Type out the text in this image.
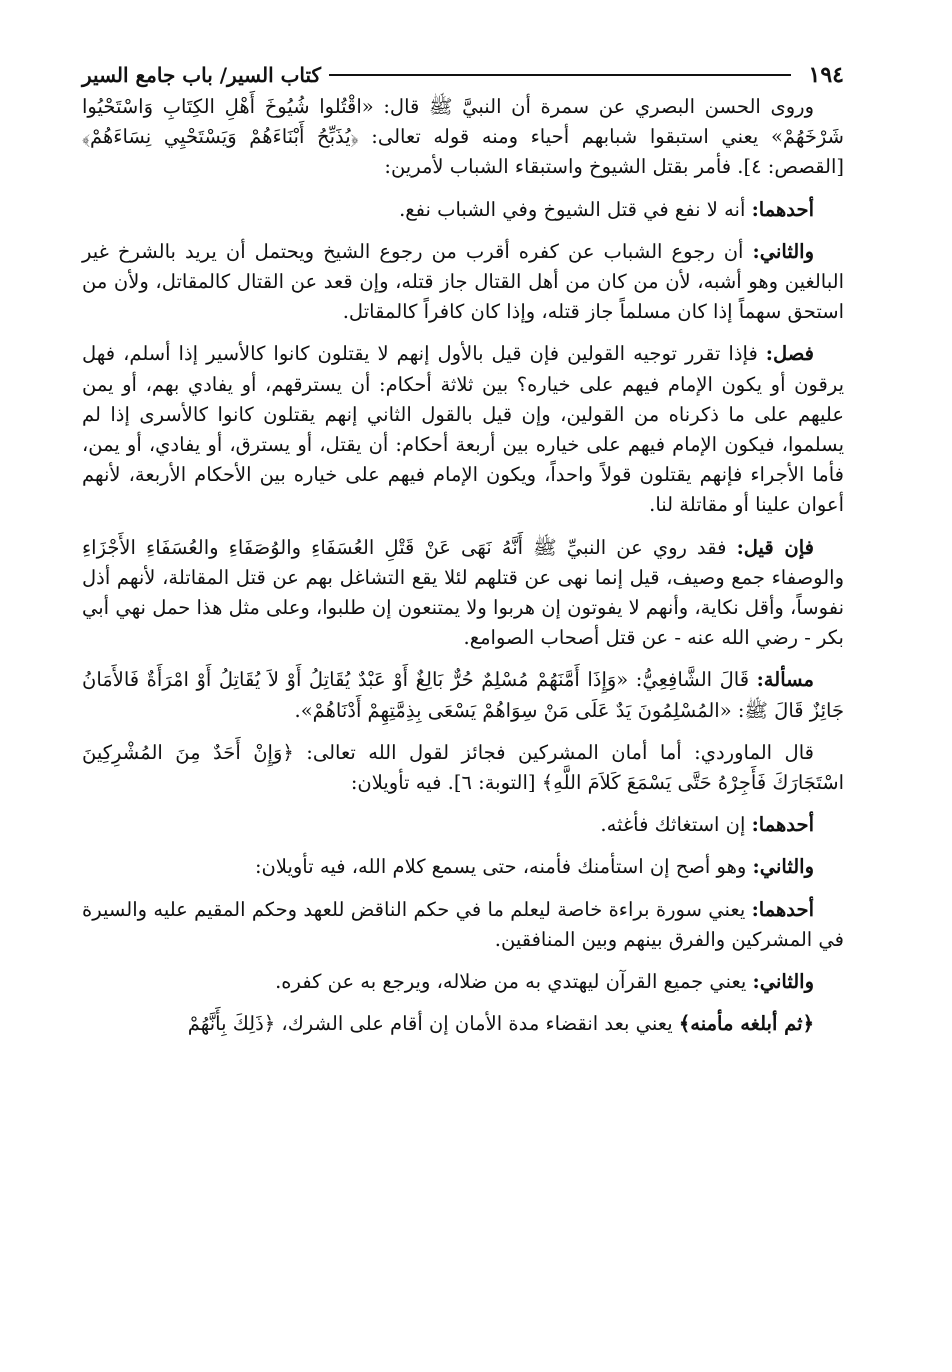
١٩٤
كتاب السير/ باب جامع السير

وروى الحسن البصري عن سمرة أن النبيَّ ﷺ قال: «اقْتُلوا شُيُوخَ أَهْلِ الكِتَابِ وَاسْتَحْيُوا شَرْخَهُمْ» يعني استبقوا شبابهم أحياء ومنه قوله تعالى: ﴿يُذَبِّحُ أَبْنَاءَهُمْ وَيَسْتَحْيِي نِسَاءَهُمْ﴾ [القصص: ٤]. فأمر بقتل الشيوخ واستبقاء الشباب لأمرين:

أحدهما: أنه لا نفع في قتل الشيوخ وفي الشباب نفع.

والثاني: أن رجوع الشباب عن كفره أقرب من رجوع الشيخ ويحتمل أن يريد بالشرخ غير البالغين وهو أشبه، لأن من كان من أهل القتال جاز قتله، وإن قعد عن القتال كالمقاتل، ولأن من استحق سهماً إذا كان مسلماً جاز قتله، وإذا كان كافراً كالمقاتل.

فصل: فإذا تقرر توجيه القولين فإن قيل بالأول إنهم لا يقتلون كانوا كالأسير إذا أسلم، فهل يرقون أو يكون الإمام فيهم على خياره؟ بين ثلاثة أحكام: أن يسترقهم، أو يفادي بهم، أو يمن عليهم على ما ذكرناه من القولين، وإن قيل بالقول الثاني إنهم يقتلون كانوا كالأسرى إذا لم يسلموا، فيكون الإمام فيهم على خياره بين أربعة أحكام: أن يقتل، أو يسترق، أو يفادي، أو يمن، فأما الأجراء فإنهم يقتلون قولاً واحداً، ويكون الإمام فيهم على خياره بين الأحكام الأربعة، لأنهم أعوان علينا أو مقاتلة لنا.

فإن قيل: فقد روي عن النبيِّ ﷺ أَنَّهُ نَهَى عَنْ قَتْلِ العُسَفَاءِ والوُصَفَاءِ والعُسَفَاءِ الأَجْزَاءِ والوصفاء جمع وصيف، قيل إنما نهى عن قتلهم لئلا يقع التشاغل بهم عن قتل المقاتلة، لأنهم أذل نفوساً، وأقل نكاية، وأنهم لا يفوتون إن هربوا ولا يمتنعون إن طلبوا، وعلى مثل هذا حمل نهي أبي بكر - رضي الله عنه - عن قتل أصحاب الصوامع.

مسألة: قَالَ الشَّافِعِيُّ: «وَإِذَا أَمَّنَهُمْ مُسْلِمٌ حُرٌّ بَالِغٌ أَوْ عَبْدٌ يُقَاتِلُ أَوْ لاَ يُقَاتِلُ أَوْ امْرَأَةٌ فَالأَمَانُ جَائِزٌ قَالَ ﷺ: «المُسْلِمُونَ يَدٌ عَلَى مَنْ سِوَاهُمْ يَسْعَى بِذِمَّتِهِمْ أَدْنَاهُمْ».

قال الماوردي: أما أمان المشركين فجائز لقول الله تعالى: ﴿وَإِنْ أَحَدٌ مِنَ المُشْرِكِينَ اسْتَجَارَكَ فَأَجِرْهُ حَتَّى يَسْمَعَ كَلاَمَ اللَّهِ﴾ [التوبة: ٦]. فيه تأويلان:

أحدهما: إن استغاثك فأغثه.

والثاني: وهو أصح إن استأمنك فأمنه، حتى يسمع كلام الله، فيه تأويلان:

أحدهما: يعني سورة براءة خاصة ليعلم ما في حكم الناقض للعهد وحكم المقيم عليه والسيرة في المشركين والفرق بينهم وبين المنافقين.

والثاني: يعني جميع القرآن ليهتدي به من ضلاله، ويرجع به عن كفره.

﴿ثم أبلغه مأمنه﴾ يعني بعد انقضاء مدة الأمان إن أقام على الشرك، ﴿ذَلِكَ بِأَنَّهُمْ
